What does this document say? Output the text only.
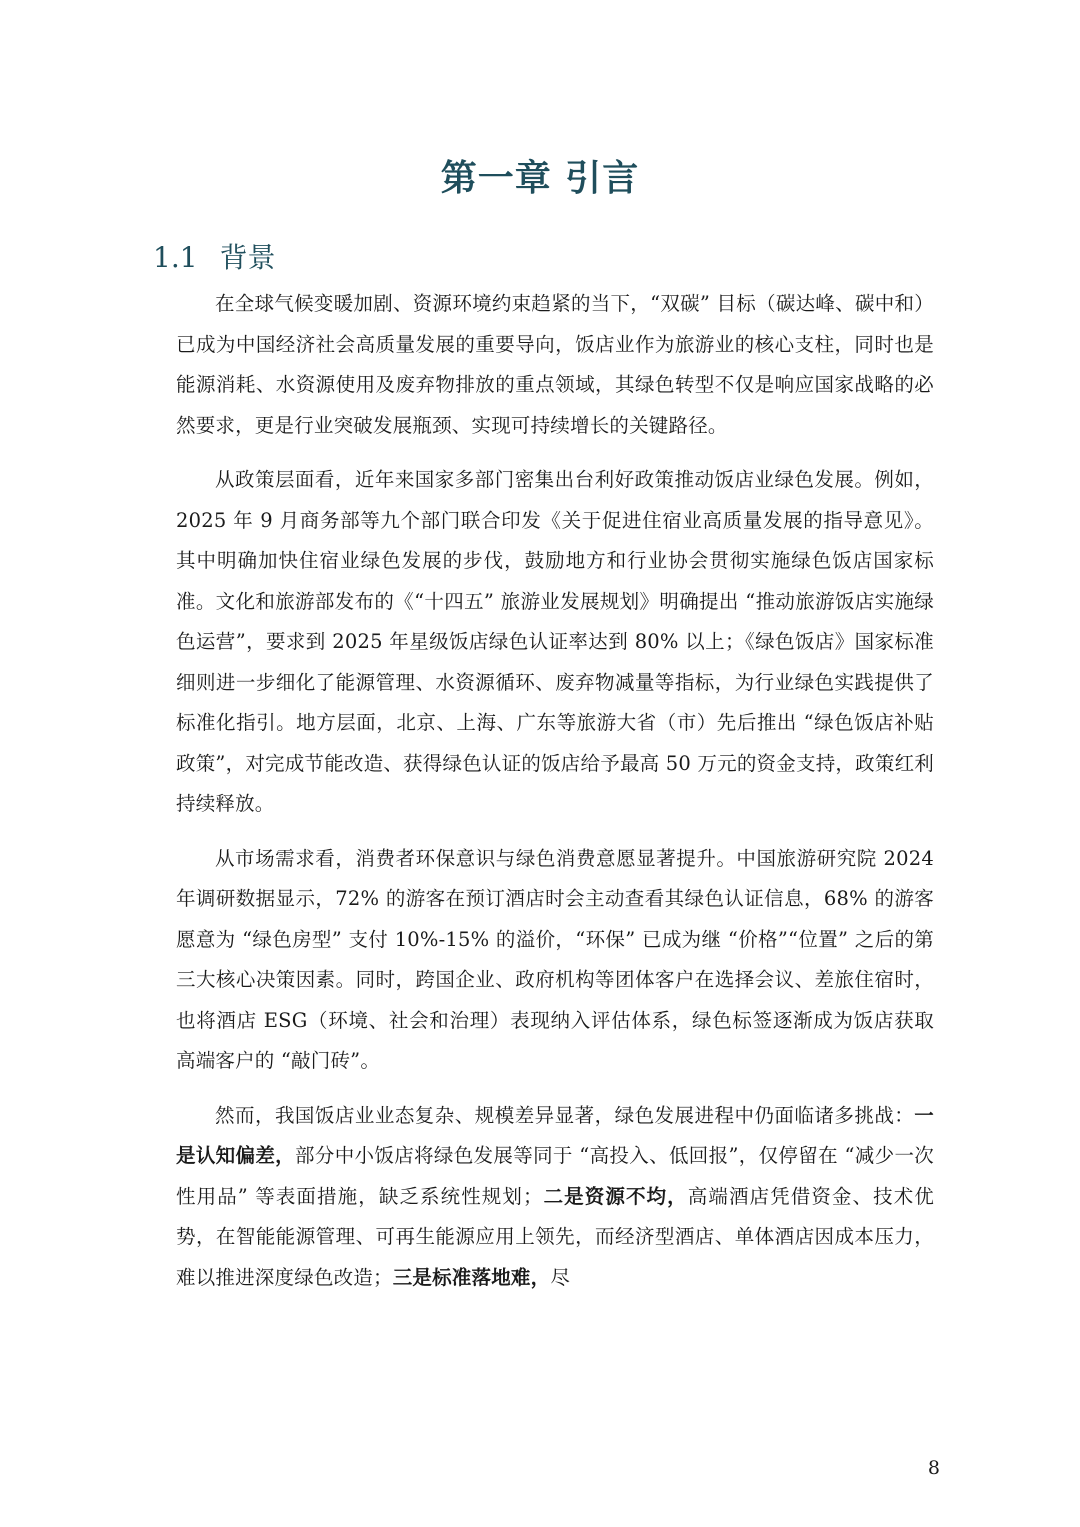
第一章 引言
1.1 背景

在全球气候变暖加剧、资源环境约束趋紧的当下，“双碳” 目标（碳达峰、碳中和）已成为中国经济社会高质量发展的重要导向，饭店业作为旅游业的核心支柱，同时也是能源消耗、水资源使用及废弃物排放的重点领域，其绿色转型不仅是响应国家战略的必然要求，更是行业突破发展瓶颈、实现可持续增长的关键路径。

从政策层面看，近年来国家多部门密集出台利好政策推动饭店业绿色发展。例如，2025 年 9 月商务部等九个部门联合印发《关于促进住宿业高质量发展的指导意见》。其中明确加快住宿业绿色发展的步伐，鼓励地方和行业协会贯彻实施绿色饭店国家标准。文化和旅游部发布的《“十四五” 旅游业发展规划》明确提出 “推动旅游饭店实施绿色运营”，要求到 2025 年星级饭店绿色认证率达到 80% 以上；《绿色饭店》国家标准细则进一步细化了能源管理、水资源循环、废弃物减量等指标，为行业绿色实践提供了标准化指引。地方层面，北京、上海、广东等旅游大省（市）先后推出 “绿色饭店补贴政策”，对完成节能改造、获得绿色认证的饭店给予最高 50 万元的资金支持，政策红利持续释放。

从市场需求看，消费者环保意识与绿色消费意愿显著提升。中国旅游研究院 2024 年调研数据显示，72% 的游客在预订酒店时会主动查看其绿色认证信息，68% 的游客愿意为 “绿色房型” 支付 10%-15% 的溢价，“环保” 已成为继 “价格”“位置” 之后的第三大核心决策因素。同时，跨国企业、政府机构等团体客户在选择会议、差旅住宿时，也将酒店 ESG（环境、社会和治理）表现纳入评估体系，绿色标签逐渐成为饭店获取高端客户的 “敲门砖”。

然而，我国饭店业业态复杂、规模差异显著，绿色发展进程中仍面临诸多挑战：一是认知偏差，部分中小饭店将绿色发展等同于 “高投入、低回报”，仅停留在 “减少一次性用品” 等表面措施，缺乏系统性规划；二是资源不均，高端酒店凭借资金、技术优势，在智能能源管理、可再生能源应用上领先，而经济型酒店、单体酒店因成本压力，难以推进深度绿色改造；三是标准落地难，尽

8
